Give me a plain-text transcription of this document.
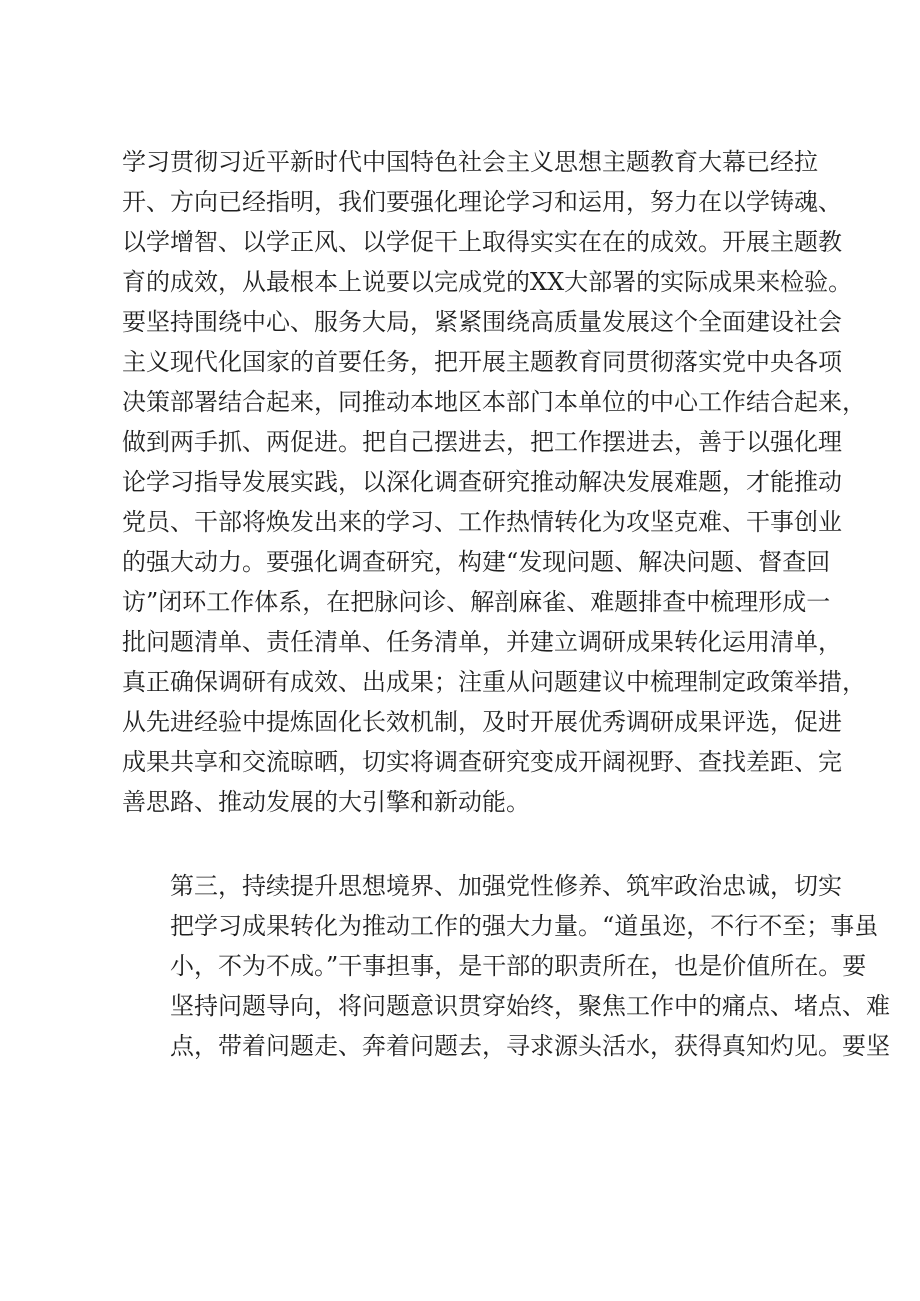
学习贯彻习近平新时代中国特色社会主义思想主题教育大幕已经拉
开、方向已经指明，我们要强化理论学习和运用，努力在以学铸魂、
以学增智、以学正风、以学促干上取得实实在在的成效。开展主题教
育的成效，从最根本上说要以完成党的XX大部署的实际成果来检验。
要坚持围绕中心、服务大局，紧紧围绕高质量发展这个全面建设社会
主义现代化国家的首要任务，把开展主题教育同贯彻落实党中央各项
决策部署结合起来，同推动本地区本部门本单位的中心工作结合起来，
做到两手抓、两促进。把自己摆进去，把工作摆进去，善于以强化理
论学习指导发展实践，以深化调查研究推动解决发展难题，才能推动
党员、干部将焕发出来的学习、工作热情转化为攻坚克难、干事创业
的强大动力。要强化调查研究，构建“发现问题、解决问题、督查回
访”闭环工作体系，在把脉问诊、解剖麻雀、难题排查中梳理形成一
批问题清单、责任清单、任务清单，并建立调研成果转化运用清单，
真正确保调研有成效、出成果；注重从问题建议中梳理制定政策举措，
从先进经验中提炼固化长效机制，及时开展优秀调研成果评选，促进
成果共享和交流晾晒，切实将调查研究变成开阔视野、查找差距、完
善思路、推动发展的大引擎和新动能。
第三，持续提升思想境界、加强党性修养、筑牢政治忠诚，切实
把学习成果转化为推动工作的强大力量。“道虽迩，不行不至；事虽
小，不为不成。”干事担事，是干部的职责所在，也是价值所在。要
坚持问题导向，将问题意识贯穿始终，聚焦工作中的痛点、堵点、难
点，带着问题走、奔着问题去，寻求源头活水，获得真知灼见。要坚
